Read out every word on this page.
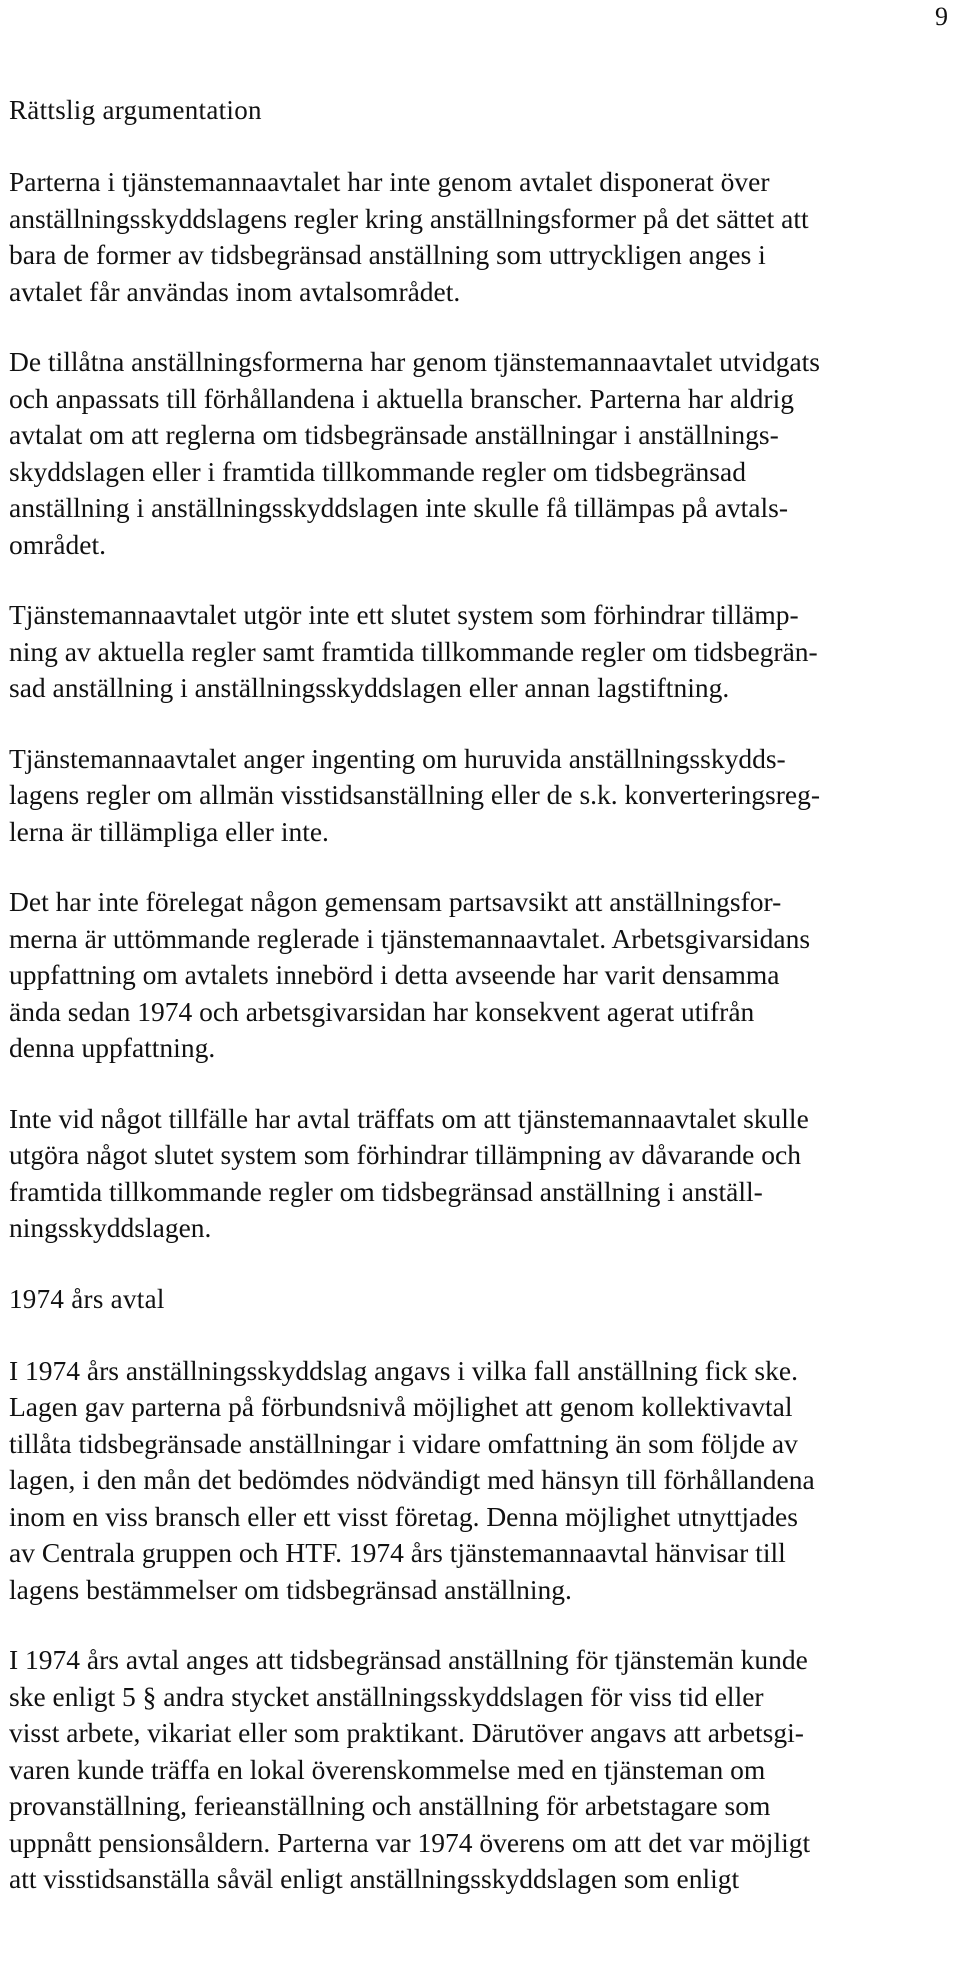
9
Rättslig argumentation

Parterna i tjänstemannaavtalet har inte genom avtalet disponerat över
anställningsskyddslagens regler kring anställningsformer på det sättet att
bara de former av tidsbegränsad anställning som uttryckligen anges i
avtalet får användas inom avtalsområdet.

De tillåtna anställningsformerna har genom tjänstemannaavtalet utvidgats
och anpassats till förhållandena i aktuella branscher. Parterna har aldrig
avtalat om att reglerna om tidsbegränsade anställningar i anställnings-
skyddslagen eller i framtida tillkommande regler om tidsbegränsad
anställning i anställningsskyddslagen inte skulle få tillämpas på avtals-
området.

Tjänstemannaavtalet utgör inte ett slutet system som förhindrar tillämp-
ning av aktuella regler samt framtida tillkommande regler om tidsbegrän-
sad anställning i anställningsskyddslagen eller annan lagstiftning.

Tjänstemannaavtalet anger ingenting om huruvida anställningsskydds-
lagens regler om allmän visstidsanställning eller de s.k. konverteringsreg-
lerna är tillämpliga eller inte.

Det har inte förelegat någon gemensam partsavsikt att anställningsfor-
merna är uttömmande reglerade i tjänstemannaavtalet. Arbetsgivarsidans
uppfattning om avtalets innebörd i detta avseende har varit densamma
ända sedan 1974 och arbetsgivarsidan har konsekvent agerat utifrån
denna uppfattning.

Inte vid något tillfälle har avtal träffats om att tjänstemannaavtalet skulle
utgöra något slutet system som förhindrar tillämpning av dåvarande och
framtida tillkommande regler om tidsbegränsad anställning i anställ-
ningsskyddslagen.

1974 års avtal

I 1974 års anställningsskyddslag angavs i vilka fall anställning fick ske.
Lagen gav parterna på förbundsnivå möjlighet att genom kollektivavtal
tillåta tidsbegränsade anställningar i vidare omfattning än som följde av
lagen, i den mån det bedömdes nödvändigt med hänsyn till förhållandena
inom en viss bransch eller ett visst företag. Denna möjlighet utnyttjades
av Centrala gruppen och HTF. 1974 års tjänstemannaavtal hänvisar till
lagens bestämmelser om tidsbegränsad anställning.

I 1974 års avtal anges att tidsbegränsad anställning för tjänstemän kunde
ske enligt 5 § andra stycket anställningsskyddslagen för viss tid eller
visst arbete, vikariat eller som praktikant. Därutöver angavs att arbetsgi-
varen kunde träffa en lokal överenskommelse med en tjänsteman om
provanställning, ferieanställning och anställning för arbetstagare som
uppnått pensionsåldern. Parterna var 1974 överens om att det var möjligt
att visstidsanställa såväl enligt anställningsskyddslagen som enligt
